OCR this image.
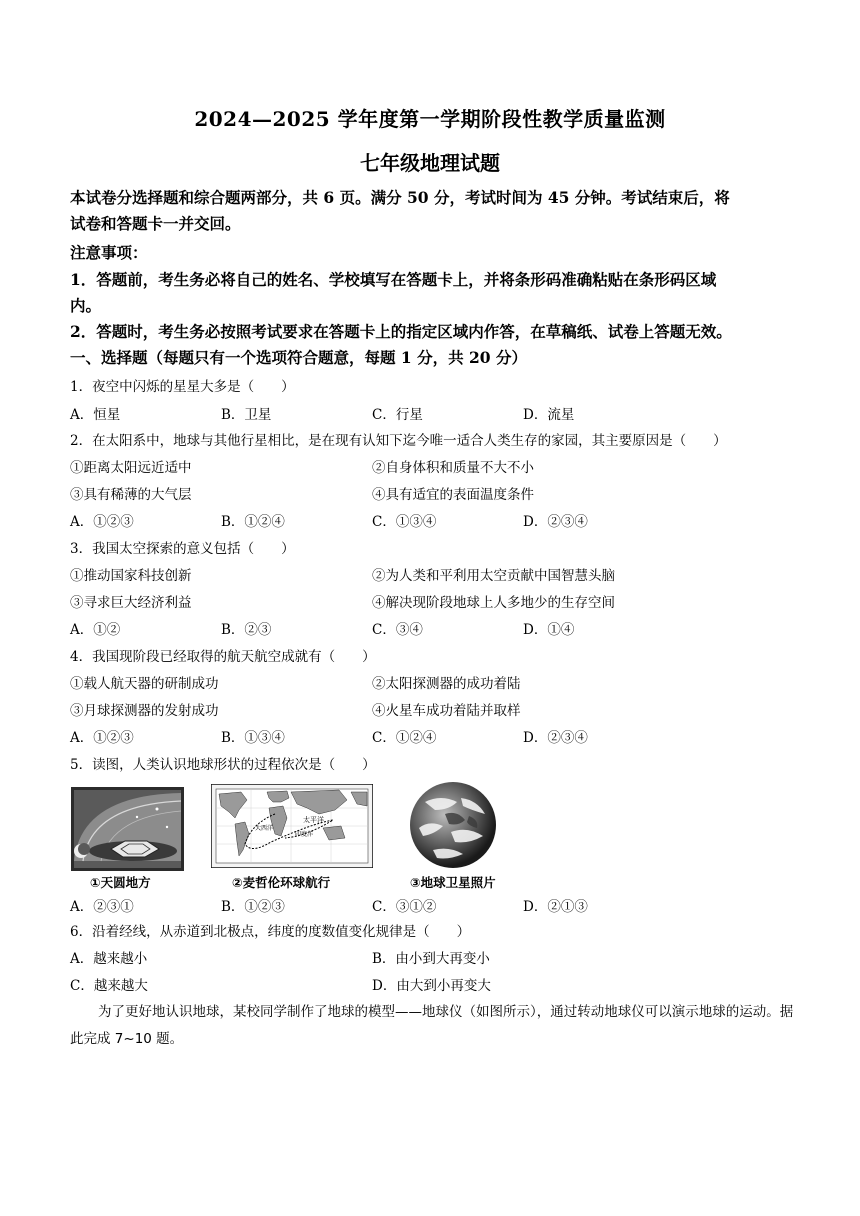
2024—2025 学年度第一学期阶段性教学质量监测
七年级地理试题
本试卷分选择题和综合题两部分，共 6 页。满分 50 分，考试时间为 45 分钟。考试结束后，将
试卷和答题卡一并交回。
注意事项：
1．答题前，考生务必将自己的姓名、学校填写在答题卡上，并将条形码准确粘贴在条形码区域
内。
2．答题时，考生务必按照考试要求在答题卡上的指定区域内作答，在草稿纸、试卷上答题无效。
一、选择题（每题只有一个选项符合题意，每题 1 分，共 20 分）
1．夜空中闪烁的星星大多是（　　）
A．恒星	B．卫星	C．行星	D．流星
2．在太阳系中，地球与其他行星相比，是在现有认知下迄今唯一适合人类生存的家园，其主要原因是（　　）
①距离太阳远近适中	②自身体积和质量不大不小
③具有稀薄的大气层	④具有适宜的表面温度条件
A．①②③	B．①②④	C．①③④	D．②③④
3．我国太空探索的意义包括（　　）
①推动国家科技创新	②为人类和平利用太空贡献中国智慧头脑
③寻求巨大经济利益	④解决现阶段地球上人多地少的生存空间
A．①②	B．②③	C．③④	D．①④
4．我国现阶段已经取得的航天航空成就有（　　）
①载人航天器的研制成功	②太阳探测器的成功着陆
③月球探测器的发射成功	④火星车成功着陆并取样
A．①②③	B．①③④	C．①②④	D．②③④
5．读图，人类认识地球形状的过程依次是（　　）
①天圆地方
太平洋
大西洋
印度洋
②麦哲伦环球航行	③地球卫星照片
A．②③①	B．①②③	C．③①②	D．②①③
6．沿着经线，从赤道到北极点，纬度的度数值变化规律是（　　）
A．越来越小	B．由小到大再变小
C．越来越大	D．由大到小再变大
为了更好地认识地球，某校同学制作了地球的模型——地球仪（如图所示），通过转动地球仪可以演示地球的运动。据此完成 7~10 题。
